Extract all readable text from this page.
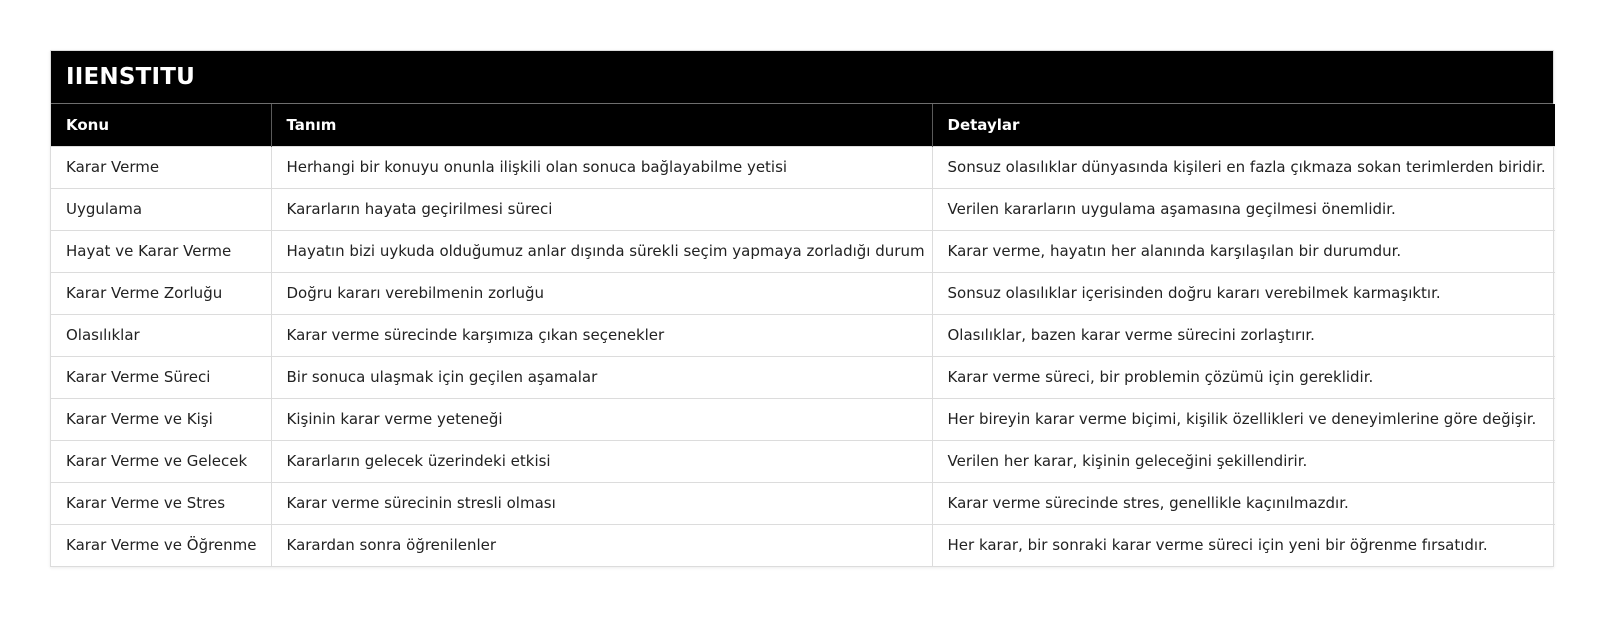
IIENSTITU
Konu	Tanım	Detaylar
Karar Verme	Herhangi bir konuyu onunla ilişkili olan sonuca bağlayabilme yetisi	Sonsuz olasılıklar dünyasında kişileri en fazla çıkmaza sokan terimlerden biridir.
Uygulama	Kararların hayata geçirilmesi süreci	Verilen kararların uygulama aşamasına geçilmesi önemlidir.
Hayat ve Karar Verme	Hayatın bizi uykuda olduğumuz anlar dışında sürekli seçim yapmaya zorladığı durum	Karar verme, hayatın her alanında karşılaşılan bir durumdur.
Karar Verme Zorluğu	Doğru kararı verebilmenin zorluğu	Sonsuz olasılıklar içerisinden doğru kararı verebilmek karmaşıktır.
Olasılıklar	Karar verme sürecinde karşımıza çıkan seçenekler	Olasılıklar, bazen karar verme sürecini zorlaştırır.
Karar Verme Süreci	Bir sonuca ulaşmak için geçilen aşamalar	Karar verme süreci, bir problemin çözümü için gereklidir.
Karar Verme ve Kişi	Kişinin karar verme yeteneği	Her bireyin karar verme biçimi, kişilik özellikleri ve deneyimlerine göre değişir.
Karar Verme ve Gelecek	Kararların gelecek üzerindeki etkisi	Verilen her karar, kişinin geleceğini şekillendirir.
Karar Verme ve Stres	Karar verme sürecinin stresli olması	Karar verme sürecinde stres, genellikle kaçınılmazdır.
Karar Verme ve Öğrenme	Karardan sonra öğrenilenler	Her karar, bir sonraki karar verme süreci için yeni bir öğrenme fırsatıdır.
